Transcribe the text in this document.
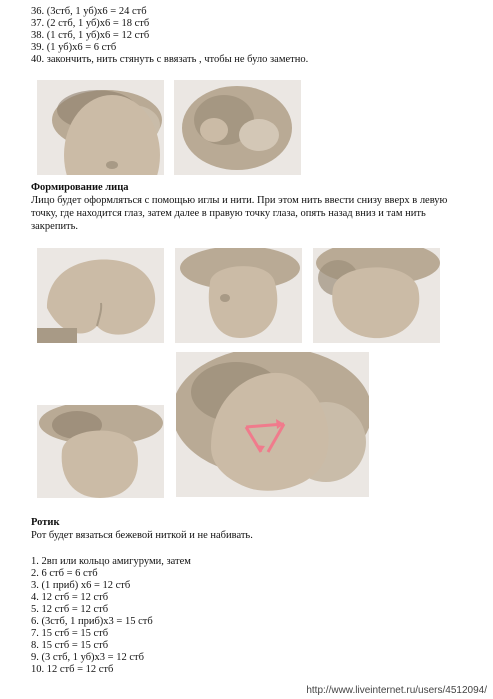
36. (3стб, 1 уб)х6 = 24 стб
37. (2 стб, 1 уб)х6 = 18 стб
38. (1 стб, 1 уб)х6 = 12 стб
39. (1 уб)х6 = 6 стб
40. закончить, нить стянуть с ввязать , чтобы не було заметно.
Формирование лица
Лицо будет оформляться с помощью иглы и нити. При этом нить ввести снизу вверх в левую точку, где находится глаз, затем далее в правую точку глаза, опять назад вниз и там нить закрепить.
Ротик
Рот будет вязаться бежевой ниткой и не набивать.
1. 2вп или кольцо амигуруми, затем
2. 6 стб = 6 стб
3. (1 приб) х6 = 12 стб
4. 12 стб = 12 стб
5. 12 стб = 12 стб
6. (3стб, 1 приб)х3 = 15 стб
7. 15 стб = 15 стб
8. 15 стб = 15 стб
9. (3 стб, 1 уб)х3 = 12 стб
10. 12 стб = 12 стб
http://www.liveinternet.ru/users/4512094/
